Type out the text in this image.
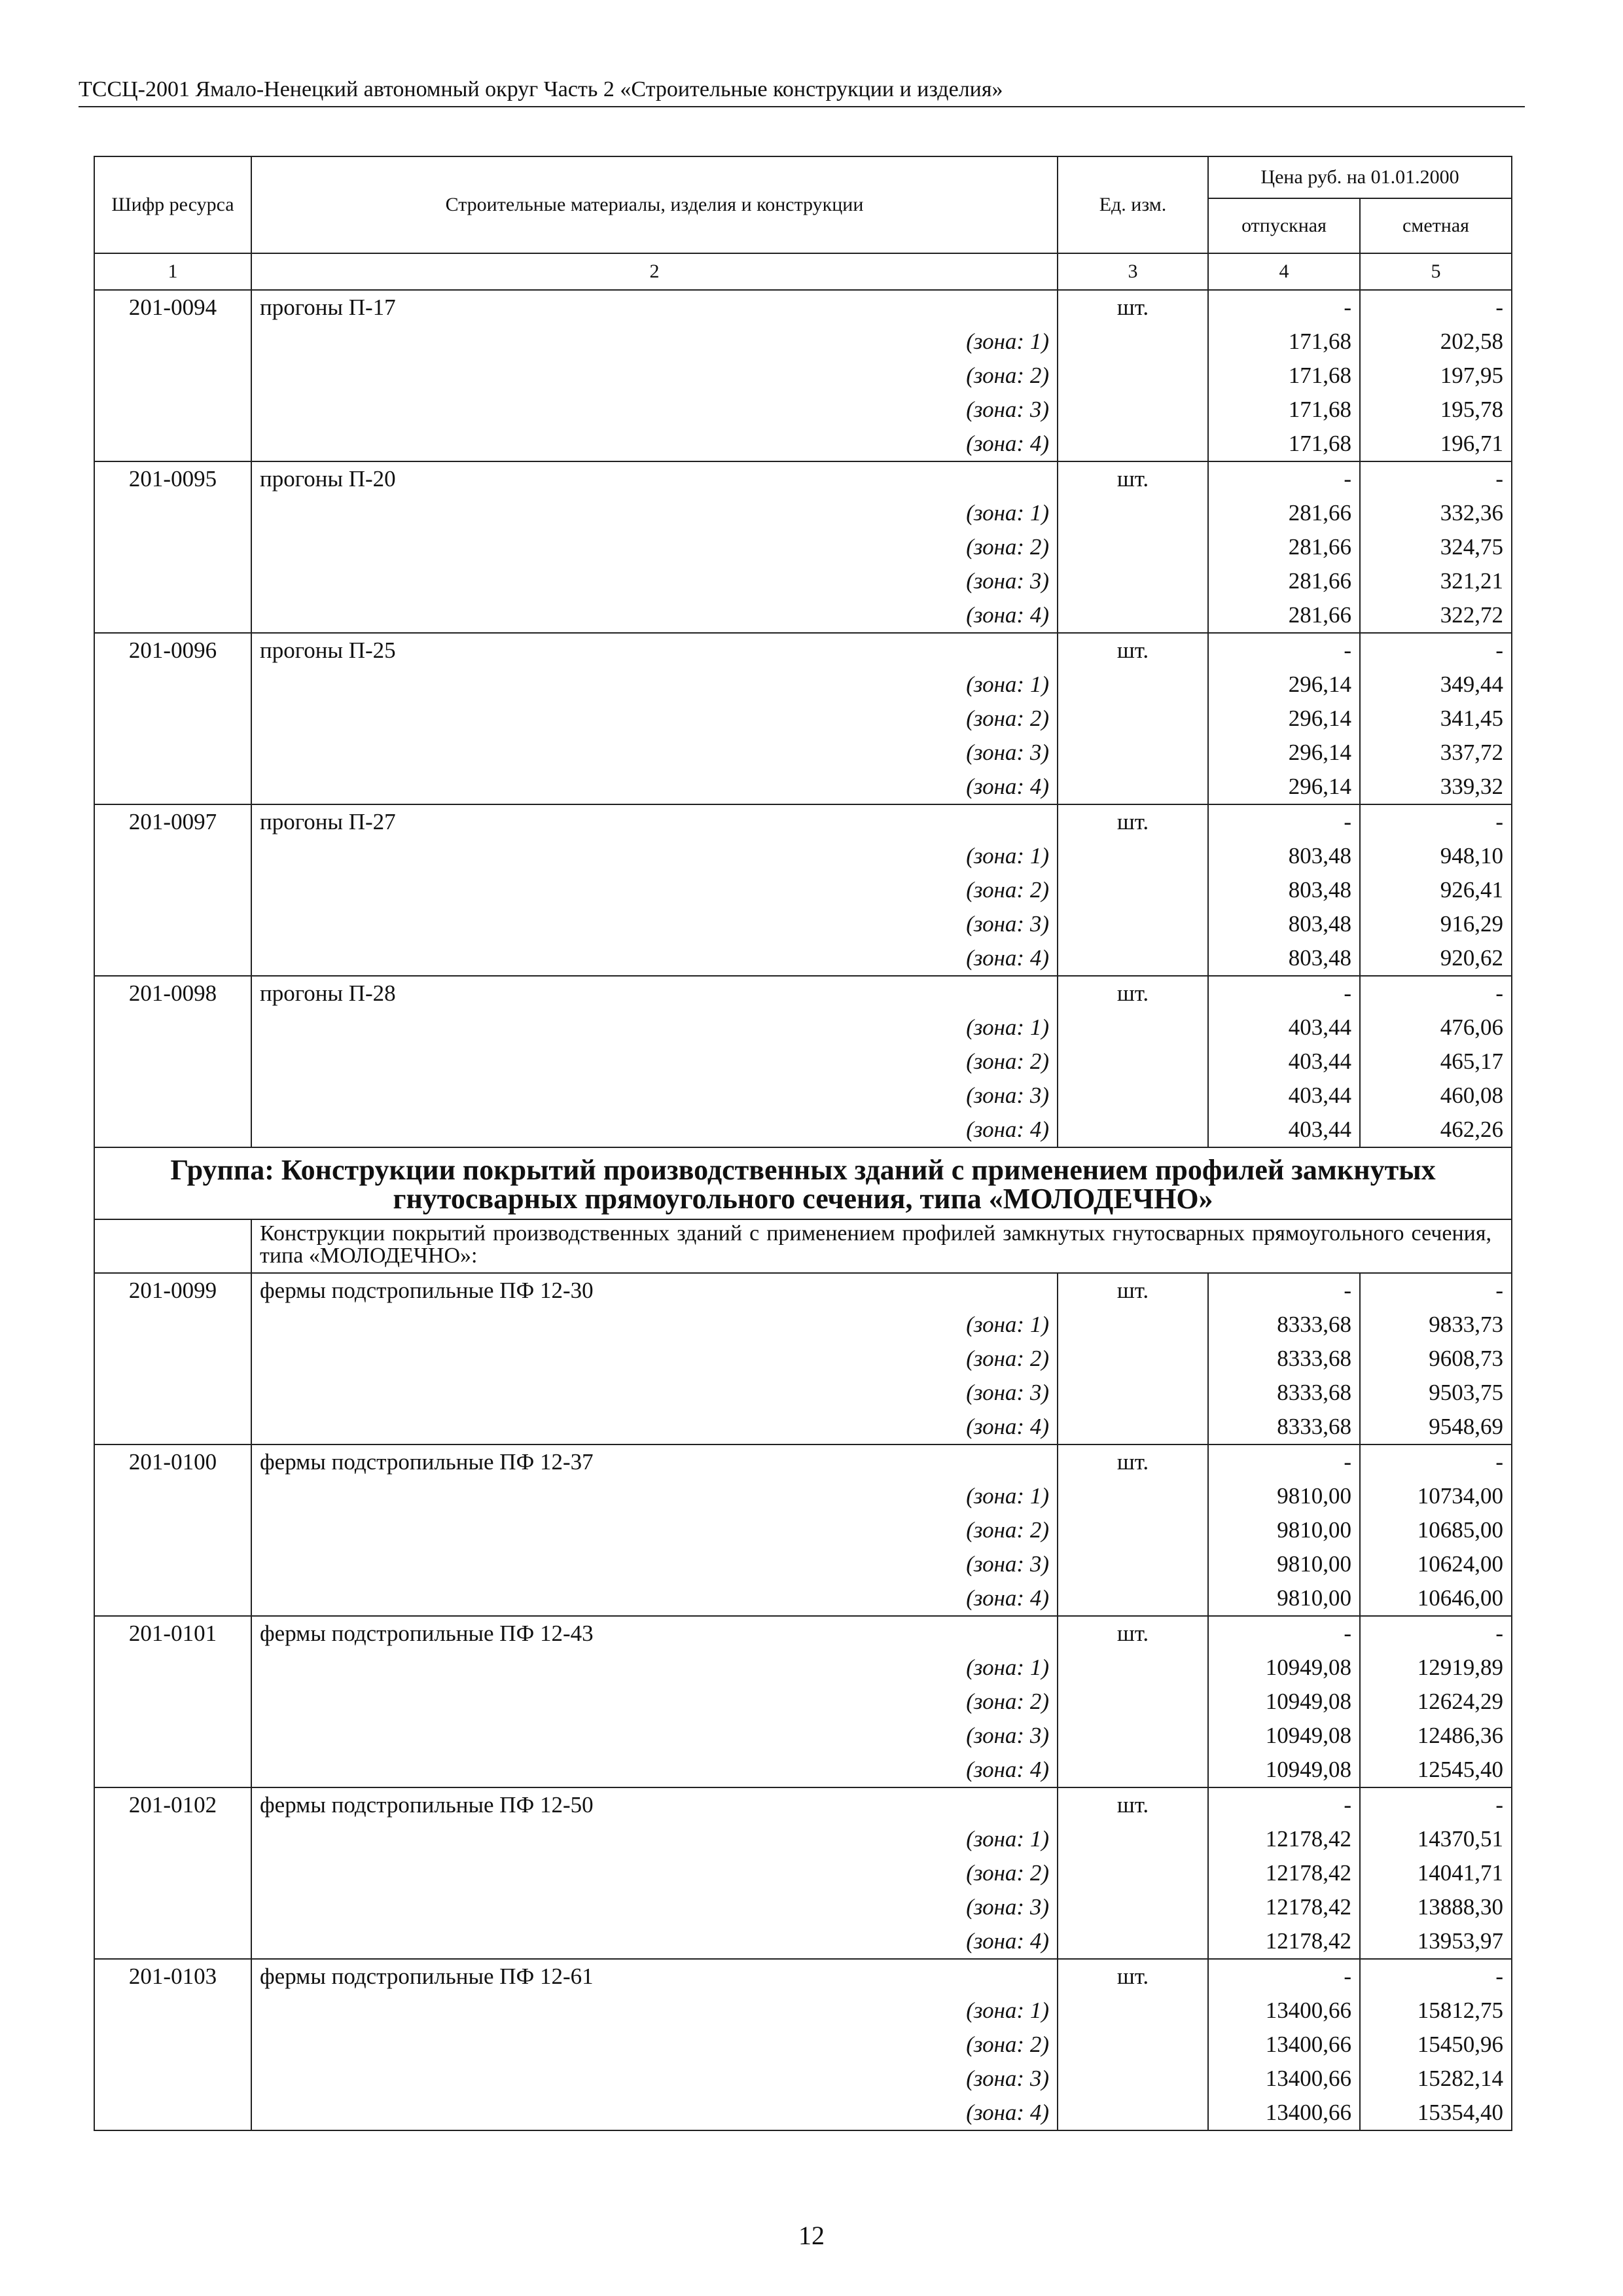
ТССЦ-2001 Ямало-Ненецкий автономный округ Часть 2 «Строительные конструкции и изделия»
Шифр ресурса	Строительные материалы, изделия и конструкции	Ед. изм.	Цена руб. на 01.01.2000	
			отпускная	сметная
1	2	3	4	5
201-0094	прогоны П-17	шт.	-	-
	(зона: 1)		171,68	202,58
	(зона: 2)		171,68	197,95
	(зона: 3)		171,68	195,78
	(зона: 4)		171,68	196,71
201-0095	прогоны П-20	шт.	-	-
	(зона: 1)		281,66	332,36
	(зона: 2)		281,66	324,75
	(зона: 3)		281,66	321,21
	(зона: 4)		281,66	322,72
201-0096	прогоны П-25	шт.	-	-
	(зона: 1)		296,14	349,44
	(зона: 2)		296,14	341,45
	(зона: 3)		296,14	337,72
	(зона: 4)		296,14	339,32
201-0097	прогоны П-27	шт.	-	-
	(зона: 1)		803,48	948,10
	(зона: 2)		803,48	926,41
	(зона: 3)		803,48	916,29
	(зона: 4)		803,48	920,62
201-0098	прогоны П-28	шт.	-	-
	(зона: 1)		403,44	476,06
	(зона: 2)		403,44	465,17
	(зона: 3)		403,44	460,08
	(зона: 4)		403,44	462,26
Группа: Конструкции покрытий производственных зданий с применением профилей замкнутых гнутосварных прямоугольного сечения, типа «МОЛОДЕЧНО»				
	Конструкции покрытий производственных зданий с применением профилей замкнутых гнутосварных прямоугольного сечения, типа «МОЛОДЕЧНО»:			
201-0099	фермы подстропильные ПФ 12-30	шт.	-	-
	(зона: 1)		8333,68	9833,73
	(зона: 2)		8333,68	9608,73
	(зона: 3)		8333,68	9503,75
	(зона: 4)		8333,68	9548,69
201-0100	фермы подстропильные ПФ 12-37	шт.	-	-
	(зона: 1)		9810,00	10734,00
	(зона: 2)		9810,00	10685,00
	(зона: 3)		9810,00	10624,00
	(зона: 4)		9810,00	10646,00
201-0101	фермы подстропильные ПФ 12-43	шт.	-	-
	(зона: 1)		10949,08	12919,89
	(зона: 2)		10949,08	12624,29
	(зона: 3)		10949,08	12486,36
	(зона: 4)		10949,08	12545,40
201-0102	фермы подстропильные ПФ 12-50	шт.	-	-
	(зона: 1)		12178,42	14370,51
	(зона: 2)		12178,42	14041,71
	(зона: 3)		12178,42	13888,30
	(зона: 4)		12178,42	13953,97
201-0103	фермы подстропильные ПФ 12-61	шт.	-	-
	(зона: 1)		13400,66	15812,75
	(зона: 2)		13400,66	15450,96
	(зона: 3)		13400,66	15282,14
	(зона: 4)		13400,66	15354,40
12
